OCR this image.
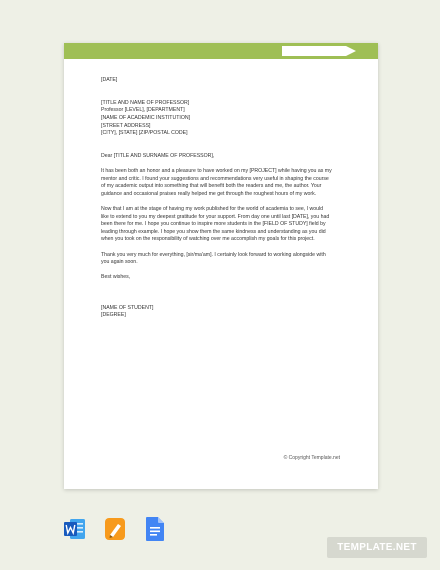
[DATE]
[TITLE AND NAME OF PROFESSOR]
Professor [LEVEL], [DEPARTMENT]
[NAME OF ACADEMIC INSTITUTION]
[STREET ADDRESS]
[CITY], [STATE] [ZIP/POSTAL CODE]
Dear [TITLE AND SURNAME OF PROFESSOR],
It has been both an honor and a pleasure to have worked on my [PROJECT] while having you as my
mentor and critic. I found your suggestions and recommendations very useful in shaping the course
of my academic output into something that will benefit both the readers and me, the author. Your
guidance and occasional praises really helped me get through the roughest hours of my work.
Now that I am at the stage of having my work published for the world of academia to see, I would
like to extend to you my deepest gratitude for your support. From day one until last [DATE], you had
been there for me. I hope you continue to inspire more students in the [FIELD OF STUDY] field by
leading through example. I hope you show them the same kindness and understanding as you did
when you took on the responsibility of watching over me accomplish my goals for this project.
Thank you very much for everything, [sir/ma'am]. I certainly look forward to working alongside with
you again soon.
Best wishes,
[NAME OF STUDENT]
[DEGREE]
© Copyright Template.net
TEMPLATE.NET
